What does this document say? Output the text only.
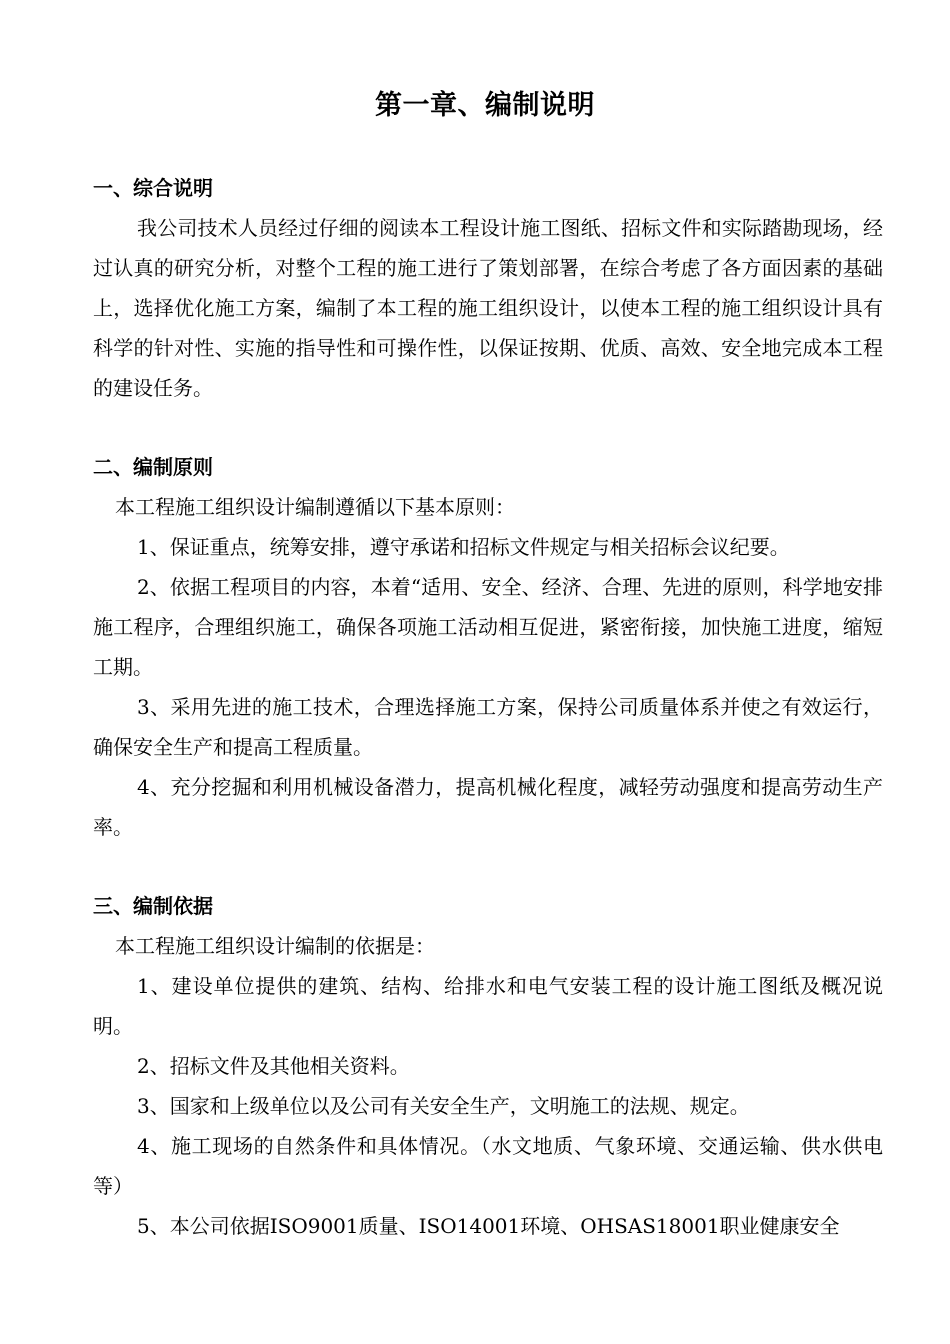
第一章、编制说明
一、综合说明

我公司技术人员经过仔细的阅读本工程设计施工图纸、招标文件和实际踏勘现场，经过认真的研究分析，对整个工程的施工进行了策划部署，在综合考虑了各方面因素的基础上，选择优化施工方案，编制了本工程的施工组织设计，以使本工程的施工组织设计具有科学的针对性、实施的指导性和可操作性，以保证按期、优质、高效、安全地完成本工程的建设任务。

二、编制原则

本工程施工组织设计编制遵循以下基本原则：

1、保证重点，统筹安排，遵守承诺和招标文件规定与相关招标会议纪要。

2、依据工程项目的内容，本着“适用、安全、经济、合理、先进的原则，科学地安排施工程序，合理组织施工，确保各项施工活动相互促进，紧密衔接，加快施工进度，缩短工期。

3、采用先进的施工技术，合理选择施工方案，保持公司质量体系并使之有效运行，确保安全生产和提高工程质量。

4、充分挖掘和利用机械设备潜力，提高机械化程度，减轻劳动强度和提高劳动生产率。

三、编制依据

本工程施工组织设计编制的依据是：

1、建设单位提供的建筑、结构、给排水和电气安装工程的设计施工图纸及概况说明。

2、招标文件及其他相关资料。

3、国家和上级单位以及公司有关安全生产，文明施工的法规、规定。

4、施工现场的自然条件和具体情况。（水文地质、气象环境、交通运输、供水供电等）

5、本公司依据ISO9001质量、ISO14001环境、OHSAS18001职业健康安全
